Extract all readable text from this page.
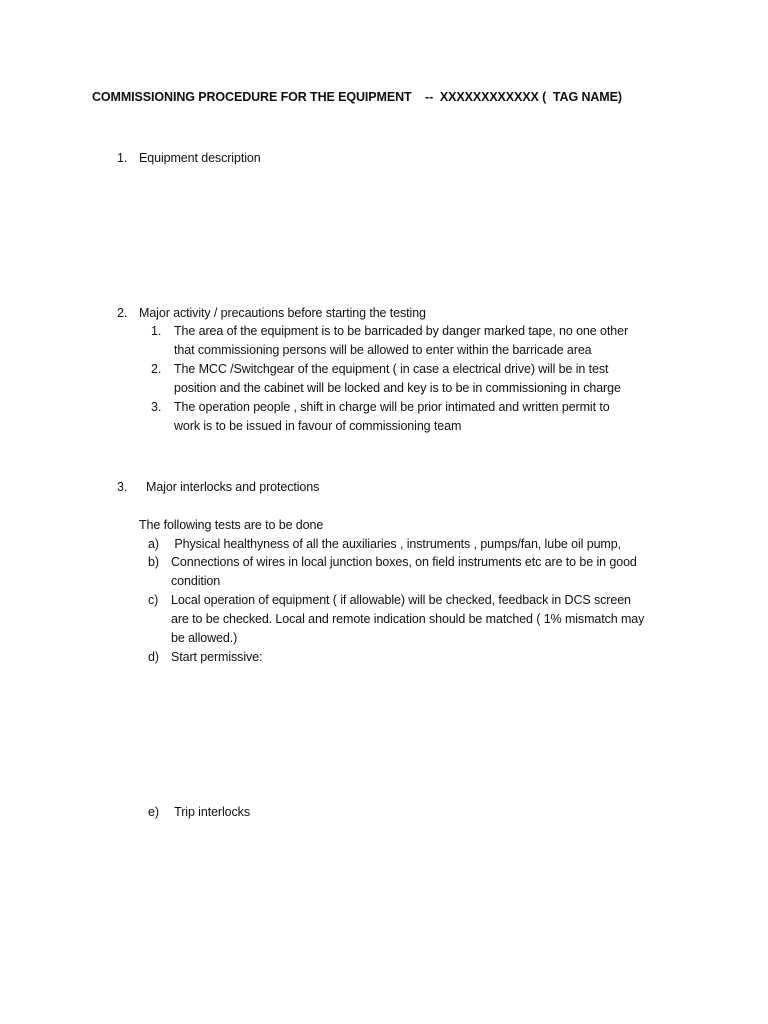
COMMISSIONING PROCEDURE FOR THE EQUIPMENT    --  XXXXXXXXXXXX (  TAG NAME)
1. Equipment description
2. Major activity / precautions before starting the testing
1. The area of the equipment is to be barricaded by danger marked tape, no one other
that commissioning persons will be allowed to enter within the barricade area
2. The MCC /Switchgear of the equipment ( in case a electrical drive) will be in test
position and the cabinet will be locked and key is to be in commissioning in charge
3. The operation people , shift in charge will be prior intimated and written permit to
work is to be issued in favour of commissioning team
3. Major interlocks and protections
The following tests are to be done
a) Physical healthyness of all the auxiliaries , instruments , pumps/fan, lube oil pump,
b) Connections of wires in local junction boxes, on field instruments etc are to be in good
condition
c) Local operation of equipment ( if allowable) will be checked, feedback in DCS screen
are to be checked. Local and remote indication should be matched ( 1% mismatch may
be allowed.)
d) Start permissive:
e) Trip interlocks
